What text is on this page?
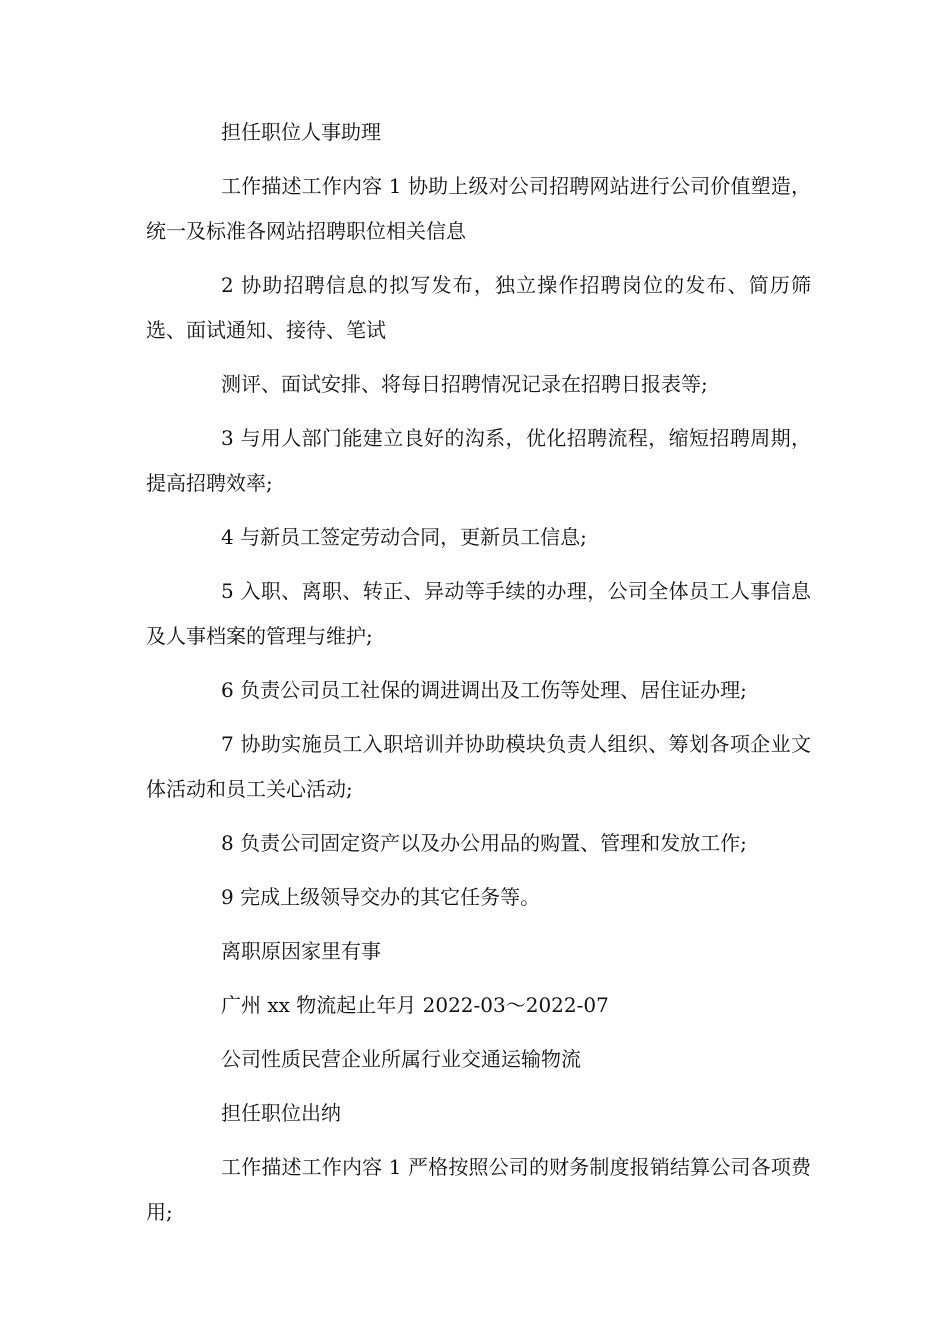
担任职位人事助理

工作描述工作内容 1 协助上级对公司招聘网站进行公司价值塑造，统一及标准各网站招聘职位相关信息

2 协助招聘信息的拟写发布，独立操作招聘岗位的发布、简历筛选、面试通知、接待、笔试

测评、面试安排、将每日招聘情况记录在招聘日报表等;

3 与用人部门能建立良好的沟系，优化招聘流程，缩短招聘周期，提高招聘效率;

4 与新员工签定劳动合同，更新员工信息;

5 入职、离职、转正、异动等手续的办理，公司全体员工人事信息及人事档案的管理与维护;

6 负责公司员工社保的调进调出及工伤等处理、居住证办理;

7 协助实施员工入职培训并协助模块负责人组织、筹划各项企业文体活动和员工关心活动;

8 负责公司固定资产以及办公用品的购置、管理和发放工作;

9 完成上级领导交办的其它任务等。

离职原因家里有事

广州 xx 物流起止年月 2022-03～2022-07

公司性质民营企业所属行业交通运输物流

担任职位出纳

工作描述工作内容 1 严格按照公司的财务制度报销结算公司各项费用;
